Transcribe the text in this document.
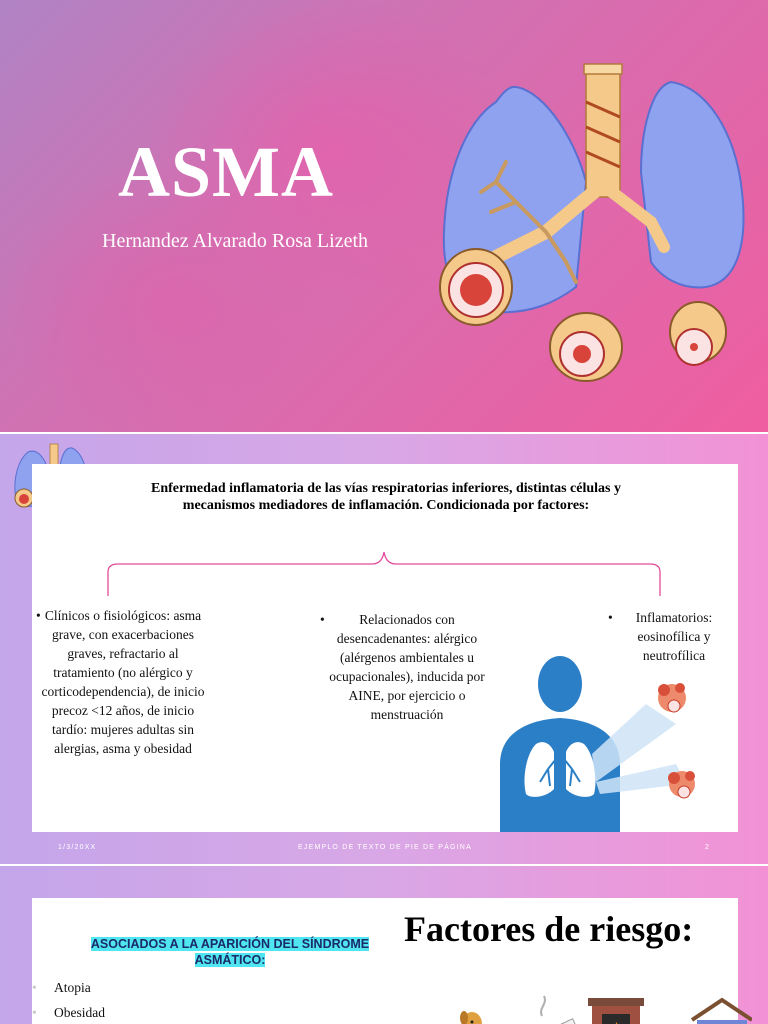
ASMA
Hernandez Alvarado Rosa Lizeth

Enfermedad inflamatoria de las vías respiratorias inferiores, distintas células y mecanismos mediadores de inflamación. Condicionada por factores:

• Clínicos o fisiológicos: asma grave, con exacerbaciones graves, refractario al tratamiento (no alérgico y corticodependencia), de inicio precoz <12 años, de inicio tardío: mujeres adultas sin alergias, asma y obesidad
•	Relacionados con desencadenantes: alérgico (alérgenos ambientales u ocupacionales), inducida por AINE, por ejercicio o menstruación
• Inflamatorios: eosinofílica y neutrofílica
1/3/20XX	EJEMPLO DE TEXTO DE PIE DE PÁGINA	2
Factores de riesgo:
ASOCIADOS A LA APARICIÓN DEL SÍNDROME ASMÁTICO:
• Atopia
• Obesidad
